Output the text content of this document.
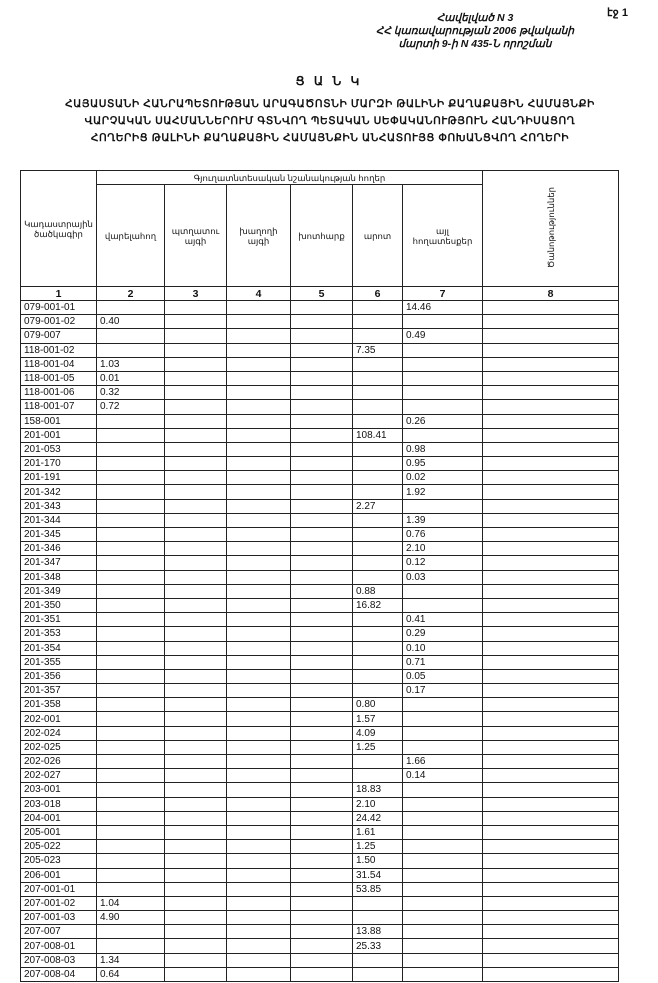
էջ 1
Հավելված N 3
ՀՀ կառավարության 2006 թվականի
մարտի 9-ի N 435-Ն որոշման
Ց Ա Ն Կ
ՀԱՅԱՍՏԱՆԻ ՀԱՆՐԱՊԵՏՈՒԹՅԱՆ ԱՐԱԳԱԾՈՏՆԻ ՄԱՐԶԻ ԹԱԼԻՆԻ ՔԱՂԱՔԱՅԻՆ ՀԱՄԱՅՆՔԻ
ՎԱՐՉԱԿԱՆ ՍԱՀՄԱՆՆԵՐՈՒՄ ԳՏՆՎՈՂ ՊԵՏԱԿԱՆ ՍԵՓԱԿԱՆՈՒԹՅՈՒՆ ՀԱՆԴԻՍԱՑՈՂ
ՀՈՂԵՐԻՑ ԹԱԼԻՆԻ ՔԱՂԱՔԱՅԻՆ ՀԱՄԱՅՆՔԻՆ ԱՆՀԱՏՈՒՅՑ ՓՈԽԱՆՑՎՈՂ ՀՈՂԵՐԻ
Կադաստրային ծածկագիր	Գյուղատնտեսական նշանակության հողեր						Ծանոթություններ
	վարելահող	պտղատու այգի	խաղողի այգի	խոտհարք	արոտ	այլ հողատեսքեր	
1	2	3	4	5	6	7	8
079-001-01						14.46	
079-001-02	0.40						
079-007						0.49	
118-001-02					7.35		
118-001-04	1.03						
118-001-05	0.01						
118-001-06	0.32						
118-001-07	0.72						
158-001						0.26	
201-001					108.41		
201-053						0.98	
201-170						0.95	
201-191						0.02	
201-342						1.92	
201-343					2.27		
201-344						1.39	
201-345						0.76	
201-346						2.10	
201-347						0.12	
201-348						0.03	
201-349					0.88		
201-350					16.82		
201-351						0.41	
201-353						0.29	
201-354						0.10	
201-355						0.71	
201-356						0.05	
201-357						0.17	
201-358					0.80		
202-001					1.57		
202-024					4.09		
202-025					1.25		
202-026						1.66	
202-027						0.14	
203-001					18.83		
203-018					2.10		
204-001					24.42		
205-001					1.61		
205-022					1.25		
205-023					1.50		
206-001					31.54		
207-001-01					53.85		
207-001-02	1.04						
207-001-03	4.90						
207-007					13.88		
207-008-01					25.33		
207-008-03	1.34						
207-008-04	0.64						
